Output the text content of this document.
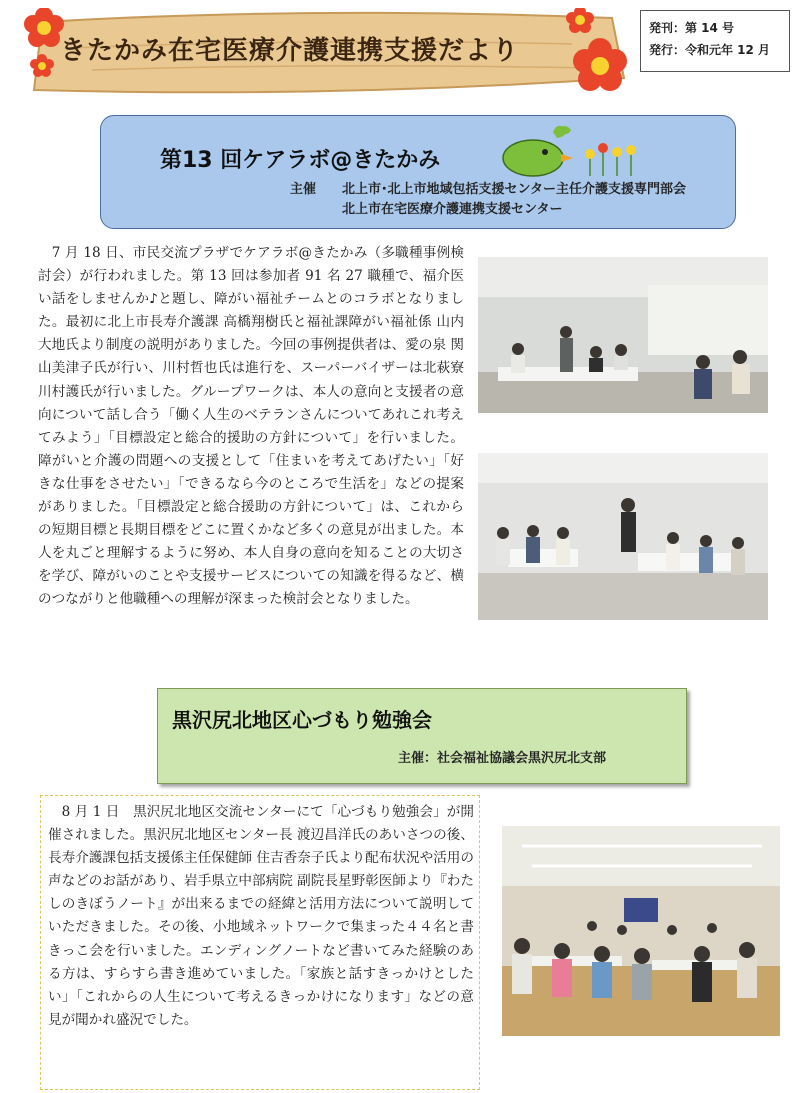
きたかみ在宅医療介護連携支援だより
発刊：第 14 号
発行：令和元年 12 月
第13 回ケアラボ@きたかみ
主催 北上市･北上市地域包括支援センター主任介護支援専門部会
北上市在宅医療介護連携支援センター
　7 月 18 日、市民交流プラザでケアラボ@きたかみ（多職種事例検討会）が行われました。第 13 回は参加者 91 名 27 職種で、福介医い話をしませんか♪と題し、障がい福祉チームとのコラボとなりました。最初に北上市長寿介護課 高橋翔樹氏と福祉課障がい福祉係 山内大地氏より制度の説明がありました。今回の事例提供者は、愛の泉 関山美津子氏が行い、川村哲也氏は進行を、スーパーバイザーは北萩寮 川村護氏が行いました。グループワークは、本人の意向と支援者の意向について話し合う「働く人生のベテランさんについてあれこれ考えてみよう」「目標設定と総合的援助の方針について」を行いました。障がいと介護の問題への支援として「住まいを考えてあげたい」「好きな仕事をさせたい」「できるなら今のところで生活を」などの提案がありました。「目標設定と総合援助の方針について」は、これからの短期目標と長期目標をどこに置くかなど多くの意見が出ました。本人を丸ごと理解するように努め、本人自身の意向を知ることの大切さを学び、障がいのことや支援サービスについての知識を得るなど、横のつながりと他職種への理解が深まった検討会となりました。
黒沢尻北地区心づもり勉強会
主催：社会福祉協議会黒沢尻北支部
　8 月 1 日　黒沢尻北地区交流センターにて「心づもり勉強会」が開催されました。黒沢尻北地区センター長 渡辺昌洋氏のあいさつの後、長寿介護課包括支援係主任保健師 住吉香奈子氏より配布状況や活用の声などのお話があり、岩手県立中部病院 副院長星野彰医師より『わたしのきぼうノート』が出来るまでの経緯と活用方法について説明していただきました。その後、小地域ネットワークで集まった４４名と書きっこ会を行いました。エンディングノートなど書いてみた経験のある方は、すらすら書き進めていました。｢家族と話すきっかけとしたい｣「これからの人生について考えるきっかけになります」などの意見が聞かれ盛況でした。
